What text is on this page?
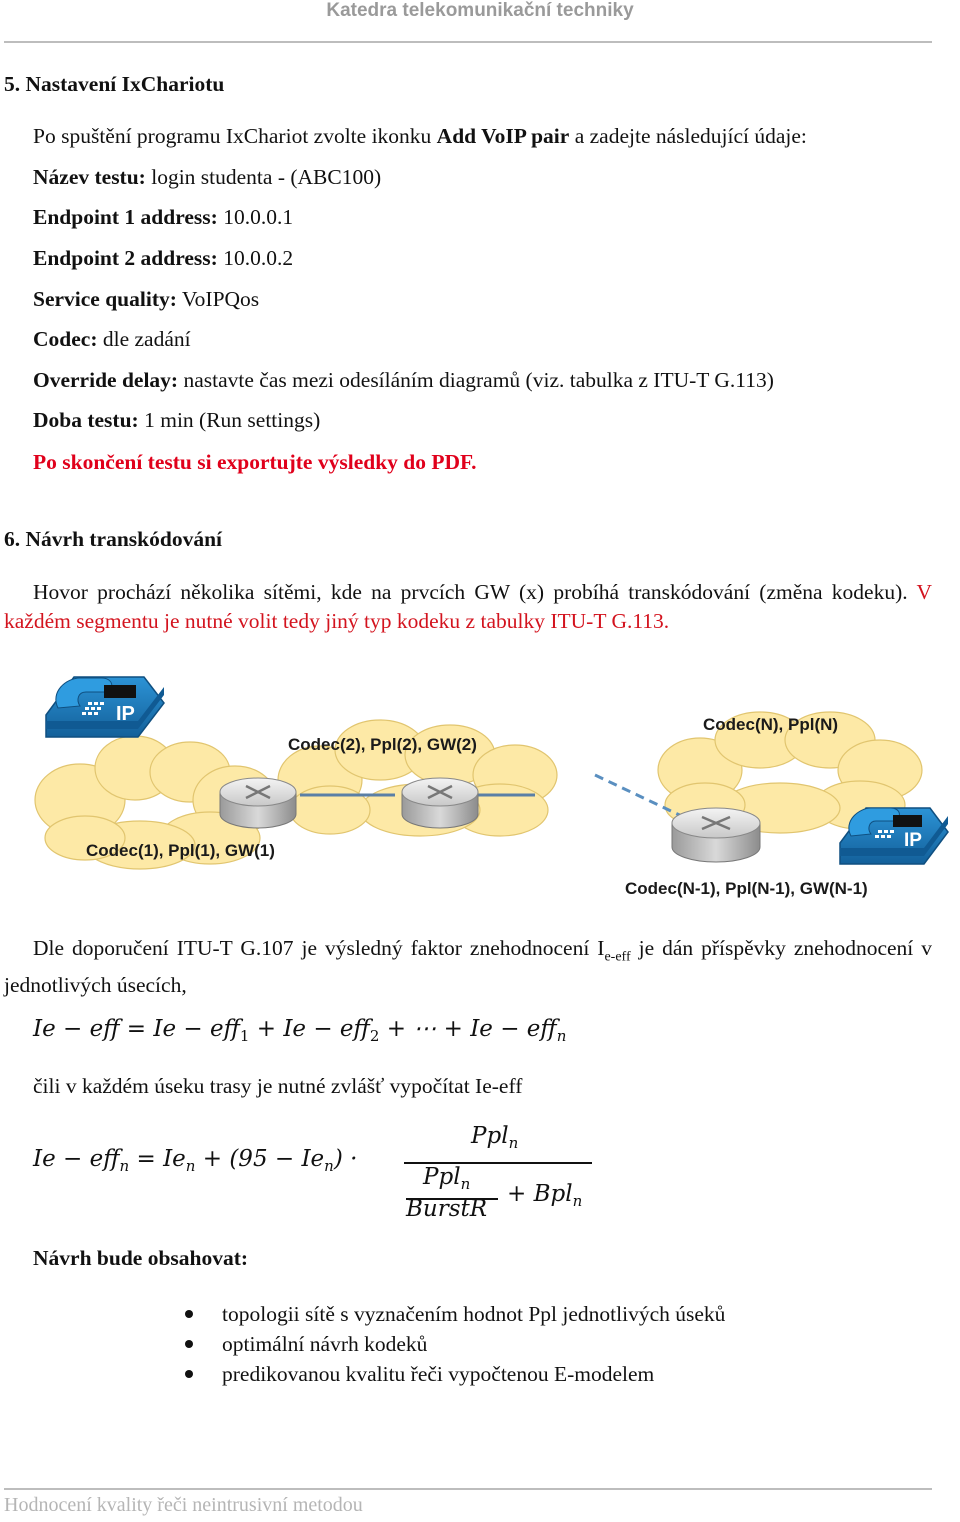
Katedra telekomunikační techniky
5. Nastavení IxChariotu
Po spuštění programu IxChariot zvolte ikonku Add VoIP pair a zadejte následující údaje:
Název testu: login studenta - (ABC100)
Endpoint 1 address: 10.0.0.1
Endpoint 2 address: 10.0.0.2
Service quality: VoIPQos
Codec: dle zadání
Override delay: nastavte čas mezi odesíláním diagramů (viz. tabulka z ITU-T G.113)
Doba testu: 1 min (Run settings)
Po skončení testu si exportujte výsledky do PDF.
6. Návrh transkódování
Hovor prochází několika sítěmi, kde na prvcích GW (x) probíhá transkódování (změna kodeku). V každém segmentu je nutné volit tedy jiný typ kodeku z tabulky ITU-T G.113.
IP
IP
Codec(2), Ppl(2), GW(2)
Codec(N), Ppl(N)
Codec(1), Ppl(1), GW(1)
Codec(N-1), Ppl(N-1), GW(N-1)
Dle doporučení ITU-T G.107 je výsledný faktor znehodnocení $I_{e-eff}$ je dán příspěvky znehodnocení v jednotlivých úsecích,
Ie − eff = Ie − eff$_1$ + Ie − eff$_2$ + ⋯ + Ie − eff$_n$
čili v každém úseku trasy je nutné zvlášť vypočítat Ie-eff
$Ie - eff_n = Ie_n + (95 - Ie_n)$ ·
Ppl$_n$
Ppl$_n$
BurstR
+ Bpl$_n$
Návrh bude obsahovat:
topologii sítě s vyznačením hodnot Ppl jednotlivých úseků
optimální návrh kodeků
predikovanou kvalitu řeči vypočtenou E-modelem
Hodnocení kvality řeči neintrusivní metodou
